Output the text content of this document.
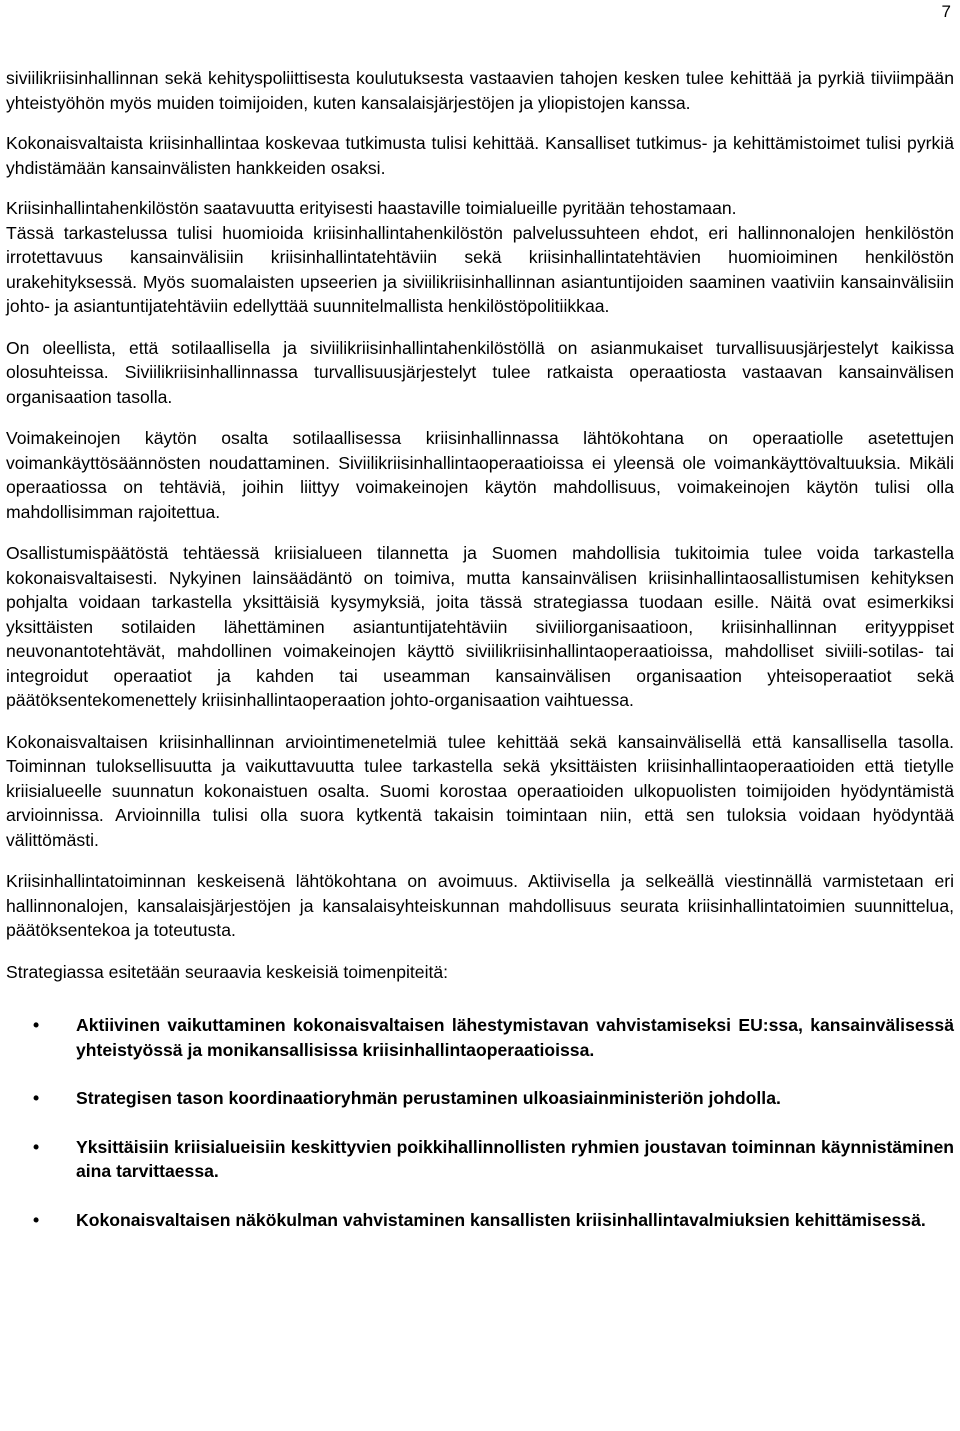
7

siviilikriisinhallinnan sekä kehityspoliittisesta koulutuksesta vastaavien tahojen kesken tulee kehittää ja pyrkiä tiiviimpään yhteistyöhön myös muiden toimijoiden, kuten kansalaisjärjestöjen ja yliopistojen kanssa.

Kokonaisvaltaista kriisinhallintaa koskevaa tutkimusta tulisi kehittää. Kansalliset tutkimus- ja kehittämistoimet tulisi pyrkiä yhdistämään kansainvälisten hankkeiden osaksi.

Kriisinhallintahenkilöstön saatavuutta erityisesti haastaville toimialueille pyritään tehostamaan.

Tässä tarkastelussa tulisi huomioida kriisinhallintahenkilöstön palvelussuhteen ehdot, eri hallinnonalojen henkilöstön irrotettavuus kansainvälisiin kriisinhallintatehtäviin sekä kriisinhallintatehtävien huomioiminen henkilöstön urakehityksessä. Myös suomalaisten upseerien ja siviilikriisinhallinnan asiantuntijoiden saaminen vaativiin kansainvälisiin johto- ja asiantuntijatehtäviin edellyttää suunnitelmallista henkilöstöpolitiikkaa.

On oleellista, että sotilaallisella ja siviilikriisinhallintahenkilöstöllä on asianmukaiset turvallisuusjärjestelyt kaikissa olosuhteissa. Siviilikriisinhallinnassa turvallisuusjärjestelyt tulee ratkaista operaatiosta vastaavan kansainvälisen organisaation tasolla.

Voimakeinojen käytön osalta sotilaallisessa kriisinhallinnassa lähtökohtana on operaatiolle asetettujen voimankäyttösäännösten noudattaminen. Siviilikriisinhallintaoperaatioissa ei yleensä ole voimankäyttövaltuuksia. Mikäli operaatiossa on tehtäviä, joihin liittyy voimakeinojen käytön mahdollisuus, voimakeinojen käytön tulisi olla mahdollisimman rajoitettua.

Osallistumispäätöstä tehtäessä kriisialueen tilannetta ja Suomen mahdollisia tukitoimia tulee voida tarkastella kokonaisvaltaisesti. Nykyinen lainsäädäntö on toimiva, mutta kansainvälisen kriisinhallintaosallistumisen kehityksen pohjalta voidaan tarkastella yksittäisiä kysymyksiä, joita tässä strategiassa tuodaan esille. Näitä ovat esimerkiksi yksittäisten sotilaiden lähettäminen asiantuntijatehtäviin siviiliorganisaatioon, kriisinhallinnan erityyppiset neuvonantotehtävät, mahdollinen voimakeinojen käyttö siviilikriisinhallintaoperaatioissa, mahdolliset siviili-sotilas- tai integroidut operaatiot ja kahden tai useamman kansainvälisen organisaation yhteisoperaatiot sekä päätöksentekomenettely kriisinhallintaoperaation johto-organisaation vaihtuessa.

Kokonaisvaltaisen kriisinhallinnan arviointimenetelmiä tulee kehittää sekä kansainvälisellä että kansallisella tasolla. Toiminnan tuloksellisuutta ja vaikuttavuutta tulee tarkastella sekä yksittäisten kriisinhallintaoperaatioiden että tietylle kriisialueelle suunnatun kokonaistuen osalta. Suomi korostaa operaatioiden ulkopuolisten toimijoiden hyödyntämistä arvioinnissa. Arvioinnilla tulisi olla suora kytkentä takaisin toimintaan niin, että sen tuloksia voidaan hyödyntää välittömästi.

Kriisinhallintatoiminnan keskeisenä lähtökohtana on avoimuus. Aktiivisella ja selkeällä viestinnällä varmistetaan eri hallinnonalojen, kansalaisjärjestöjen ja kansalaisyhteiskunnan mahdollisuus seurata kriisinhallintatoimien suunnittelua, päätöksentekoa ja toteutusta.

Strategiassa esitetään seuraavia keskeisiä toimenpiteitä:

• Aktiivinen vaikuttaminen kokonaisvaltaisen lähestymistavan vahvistamiseksi EU:ssa, kansainvälisessä yhteistyössä ja monikansallisissa kriisinhallintaoperaatioissa.
• Strategisen tason koordinaatioryhmän perustaminen ulkoasiainministeriön johdolla.
• Yksittäisiin kriisialueisiin keskittyvien poikkihallinnollisten ryhmien joustavan toiminnan käynnistäminen aina tarvittaessa.
• Kokonaisvaltaisen näkökulman vahvistaminen kansallisten kriisinhallintavalmiuksien kehittämisessä.
